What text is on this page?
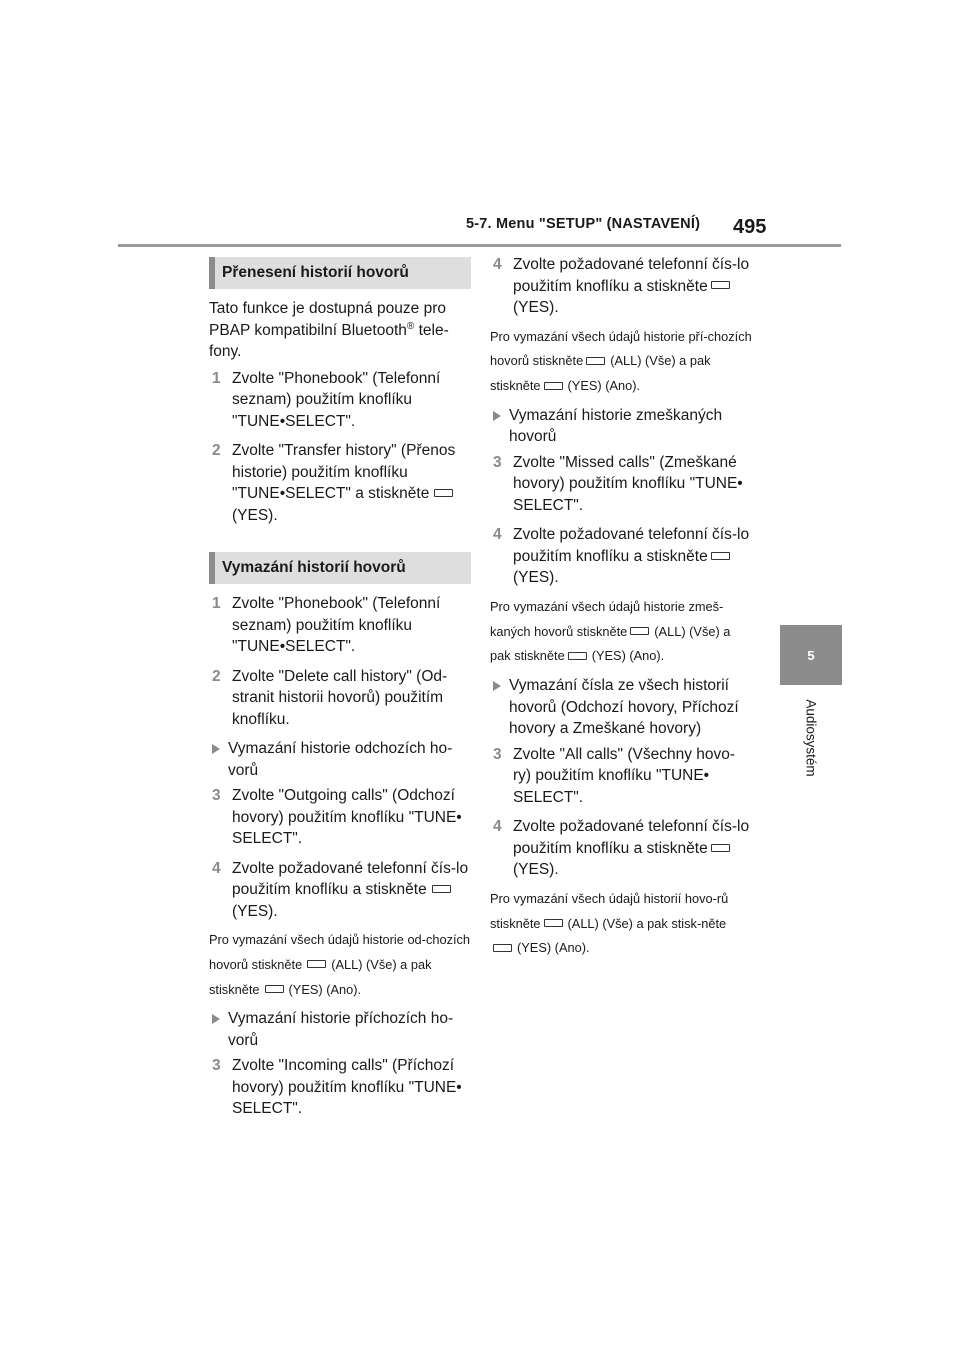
5-7. Menu "SETUP" (NASTAVENÍ) 495
5
Audiosystém
Přenesení historií hovorů

Tato funkce je dostupná pouze pro PBAP kompatibilní Bluetooth® tele-fony.

1 Zvolte "Phonebook" (Telefonní seznam) použitím knoflíku "TUNE•SELECT".
2 Zvolte "Transfer history" (Přenos historie) použitím knoflíku "TUNE•SELECT" a stiskněte(YES).
Vymazání historií hovorů
1 Zvolte "Phonebook" (Telefonní seznam) použitím knoflíku "TUNE•SELECT".
2 Zvolte "Delete call history" (Od-stranit historii hovorů) použitím knoflíku.
Vymazání historie odchozích ho-vorů
3 Zvolte "Outgoing calls" (Odchozí hovory) použitím knoflíku "TUNE• SELECT".
4 Zvolte požadované telefonní čís-lo použitím knoflíku a stiskněte(YES).
Pro vymazání všech údajů historie od-chozích hovorů stiskněte (ALL) (Vše) a pak stiskněte (YES) (Ano).
Vymazání historie příchozích ho-vorů
3 Zvolte "Incoming calls" (Příchozí hovory) použitím knoflíku "TUNE• SELECT".
4 Zvolte požadované telefonní čís-lo použitím knoflíku a stiskněte(YES).
Pro vymazání všech údajů historie pří-chozích hovorů stiskněte (ALL) (Vše) a pak stiskněte (YES) (Ano).
Vymazání historie zmeškaných hovorů
3 Zvolte "Missed calls" (Zmeškané hovory) použitím knoflíku "TUNE• SELECT".
4 Zvolte požadované telefonní čís-lo použitím knoflíku a stiskněte(YES).
Pro vymazání všech údajů historie zmeš-kaných hovorů stiskněte (ALL) (Vše) a pak stiskněte (YES) (Ano).
Vymazání čísla ze všech historií hovorů (Odchozí hovory, Příchozí hovory a Zmeškané hovory)
3 Zvolte "All calls" (Všechny hovo-ry) použitím knoflíku "TUNE• SELECT".
4 Zvolte požadované telefonní čís-lo použitím knoflíku a stiskněte(YES).
Pro vymazání všech údajů historií hovo-rů stiskněte (ALL) (Vše) a pak stisk-něte(YES) (Ano).
